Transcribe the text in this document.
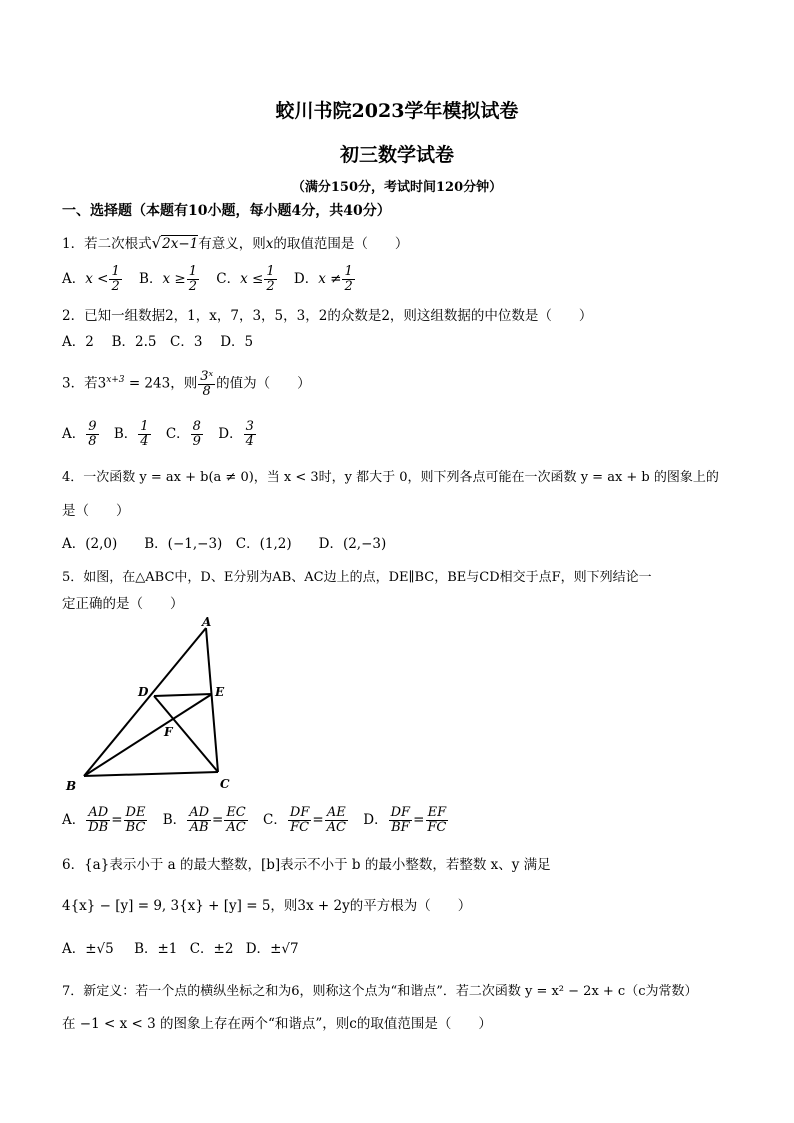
蛟川书院2023学年模拟试卷
初三数学试卷
（满分150分，考试时间120分钟）
一、选择题（本题有10小题，每小题4分，共40分）
1．若二次根式√2x−1有意义，则x的取值范围是（　　）
A．$x < \frac{1}{2}$ B．$x \ge \frac{1}{2}$ C．$x \le \frac{1}{2}$ D．$x \ne \frac{1}{2}$
2．已知一组数据2，1，x，7，3，5，3，2的众数是2，则这组数据的中位数是（　　）
A．2　 B．2.5　C．3　 D．5
3．若$3^{x+3} = 243$，则 $\frac{\text{3ˣ}}{8}$ 的值为（　　）
A． $\frac{9}{8}$ B． $\frac{1}{4}$ C． $\frac{8}{9}$ D． $\frac{3}{4}$
4．一次函数 y = ax + b(a ≠ 0)，当 x < 3时，y 都大于 0，则下列各点可能在一次函数 y = ax + b 的图象上的
是（　　）
A．(2,0)　　B．(−1,−3)　C．(1,2)　　D．(2,−3)
5．如图，在△ABC中，D、E分别为AB、AC边上的点，DE∥BC，BE与CD相交于点F，则下列结论一
定正确的是（　　）
A
B	C
D	E
F
A． $\frac{AD}{DB} = \frac{DE}{BC}$ B． $\frac{AD}{AB} = \frac{EC}{AC}$ C． $\frac{DF}{FC} = \frac{AE}{AC}$ D． $\frac{DF}{BF} = \frac{EF}{FC}$
6．{a}表示小于 a 的最大整数，[b]表示不小于 b 的最小整数，若整数 x、y 满足
4{x} − [y] = 9, 3{x} + [y] = 5，则3x + 2y的平方根为（　　）
A．±√5 B．±1 C．±2 D．±√7
7．新定义：若一个点的横纵坐标之和为6，则称这个点为“和谐点”．若二次函数 y = x² − 2x + c（c为常数）
在 −1 < x < 3 的图象上存在两个“和谐点”，则c的取值范围是（　　）
